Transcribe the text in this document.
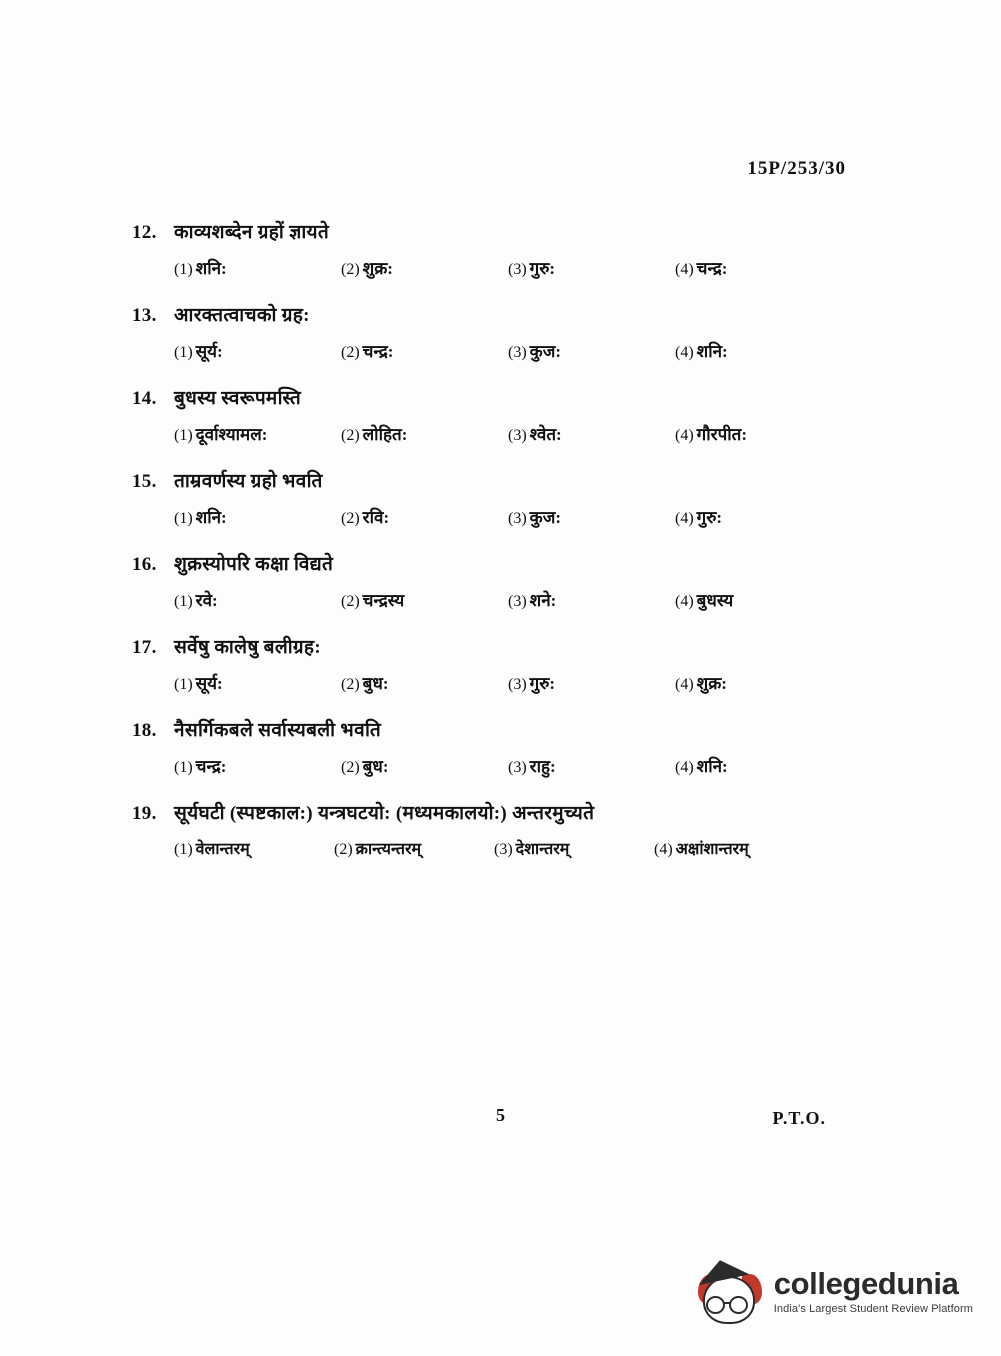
15P/253/30
12. काव्यशब्देन ग्रहों ज्ञायते
(1) शनि:	(2) शुक्र:	(3) गुरु:	(4) चन्द्र:
13. आरक्तत्वाचको ग्रह:
(1) सूर्य:	(2) चन्द्र:	(3) कुज:	(4) शनि:
14. बुधस्य स्वरूपमस्ति
(1) दूर्वाश्यामल:	(2) लोहित:	(3) श्वेत:	(4) गौरपीत:
15. ताम्रवर्णस्य ग्रहो भवति
(1) शनि:	(2) रवि:	(3) कुज:	(4) गुरु:
16. शुक्रस्योपरि कक्षा विद्यते
(1) रवे:	(2) चन्द्रस्य	(3) शने:	(4) बुधस्य
17. सर्वेषु कालेषु बलीग्रह:
(1) सूर्य:	(2) बुध:	(3) गुरु:	(4) शुक्र:
18. नैसर्गिकबले सर्वास्यबली भवति
(1) चन्द्र:	(2) बुध:	(3) राहु:	(4) शनि:
19. सूर्यघटी (स्पष्टकाल:) यन्त्रघटयो: (मध्यमकालयो:) अन्तरमुच्यते
(1) वेलान्तरम्	(2) क्रान्त्यन्तरम्	(3) देशान्तरम्	(4) अक्षांशान्तरम्
5	P.T.O.
collegedunia
India's Largest Student Review Platform
